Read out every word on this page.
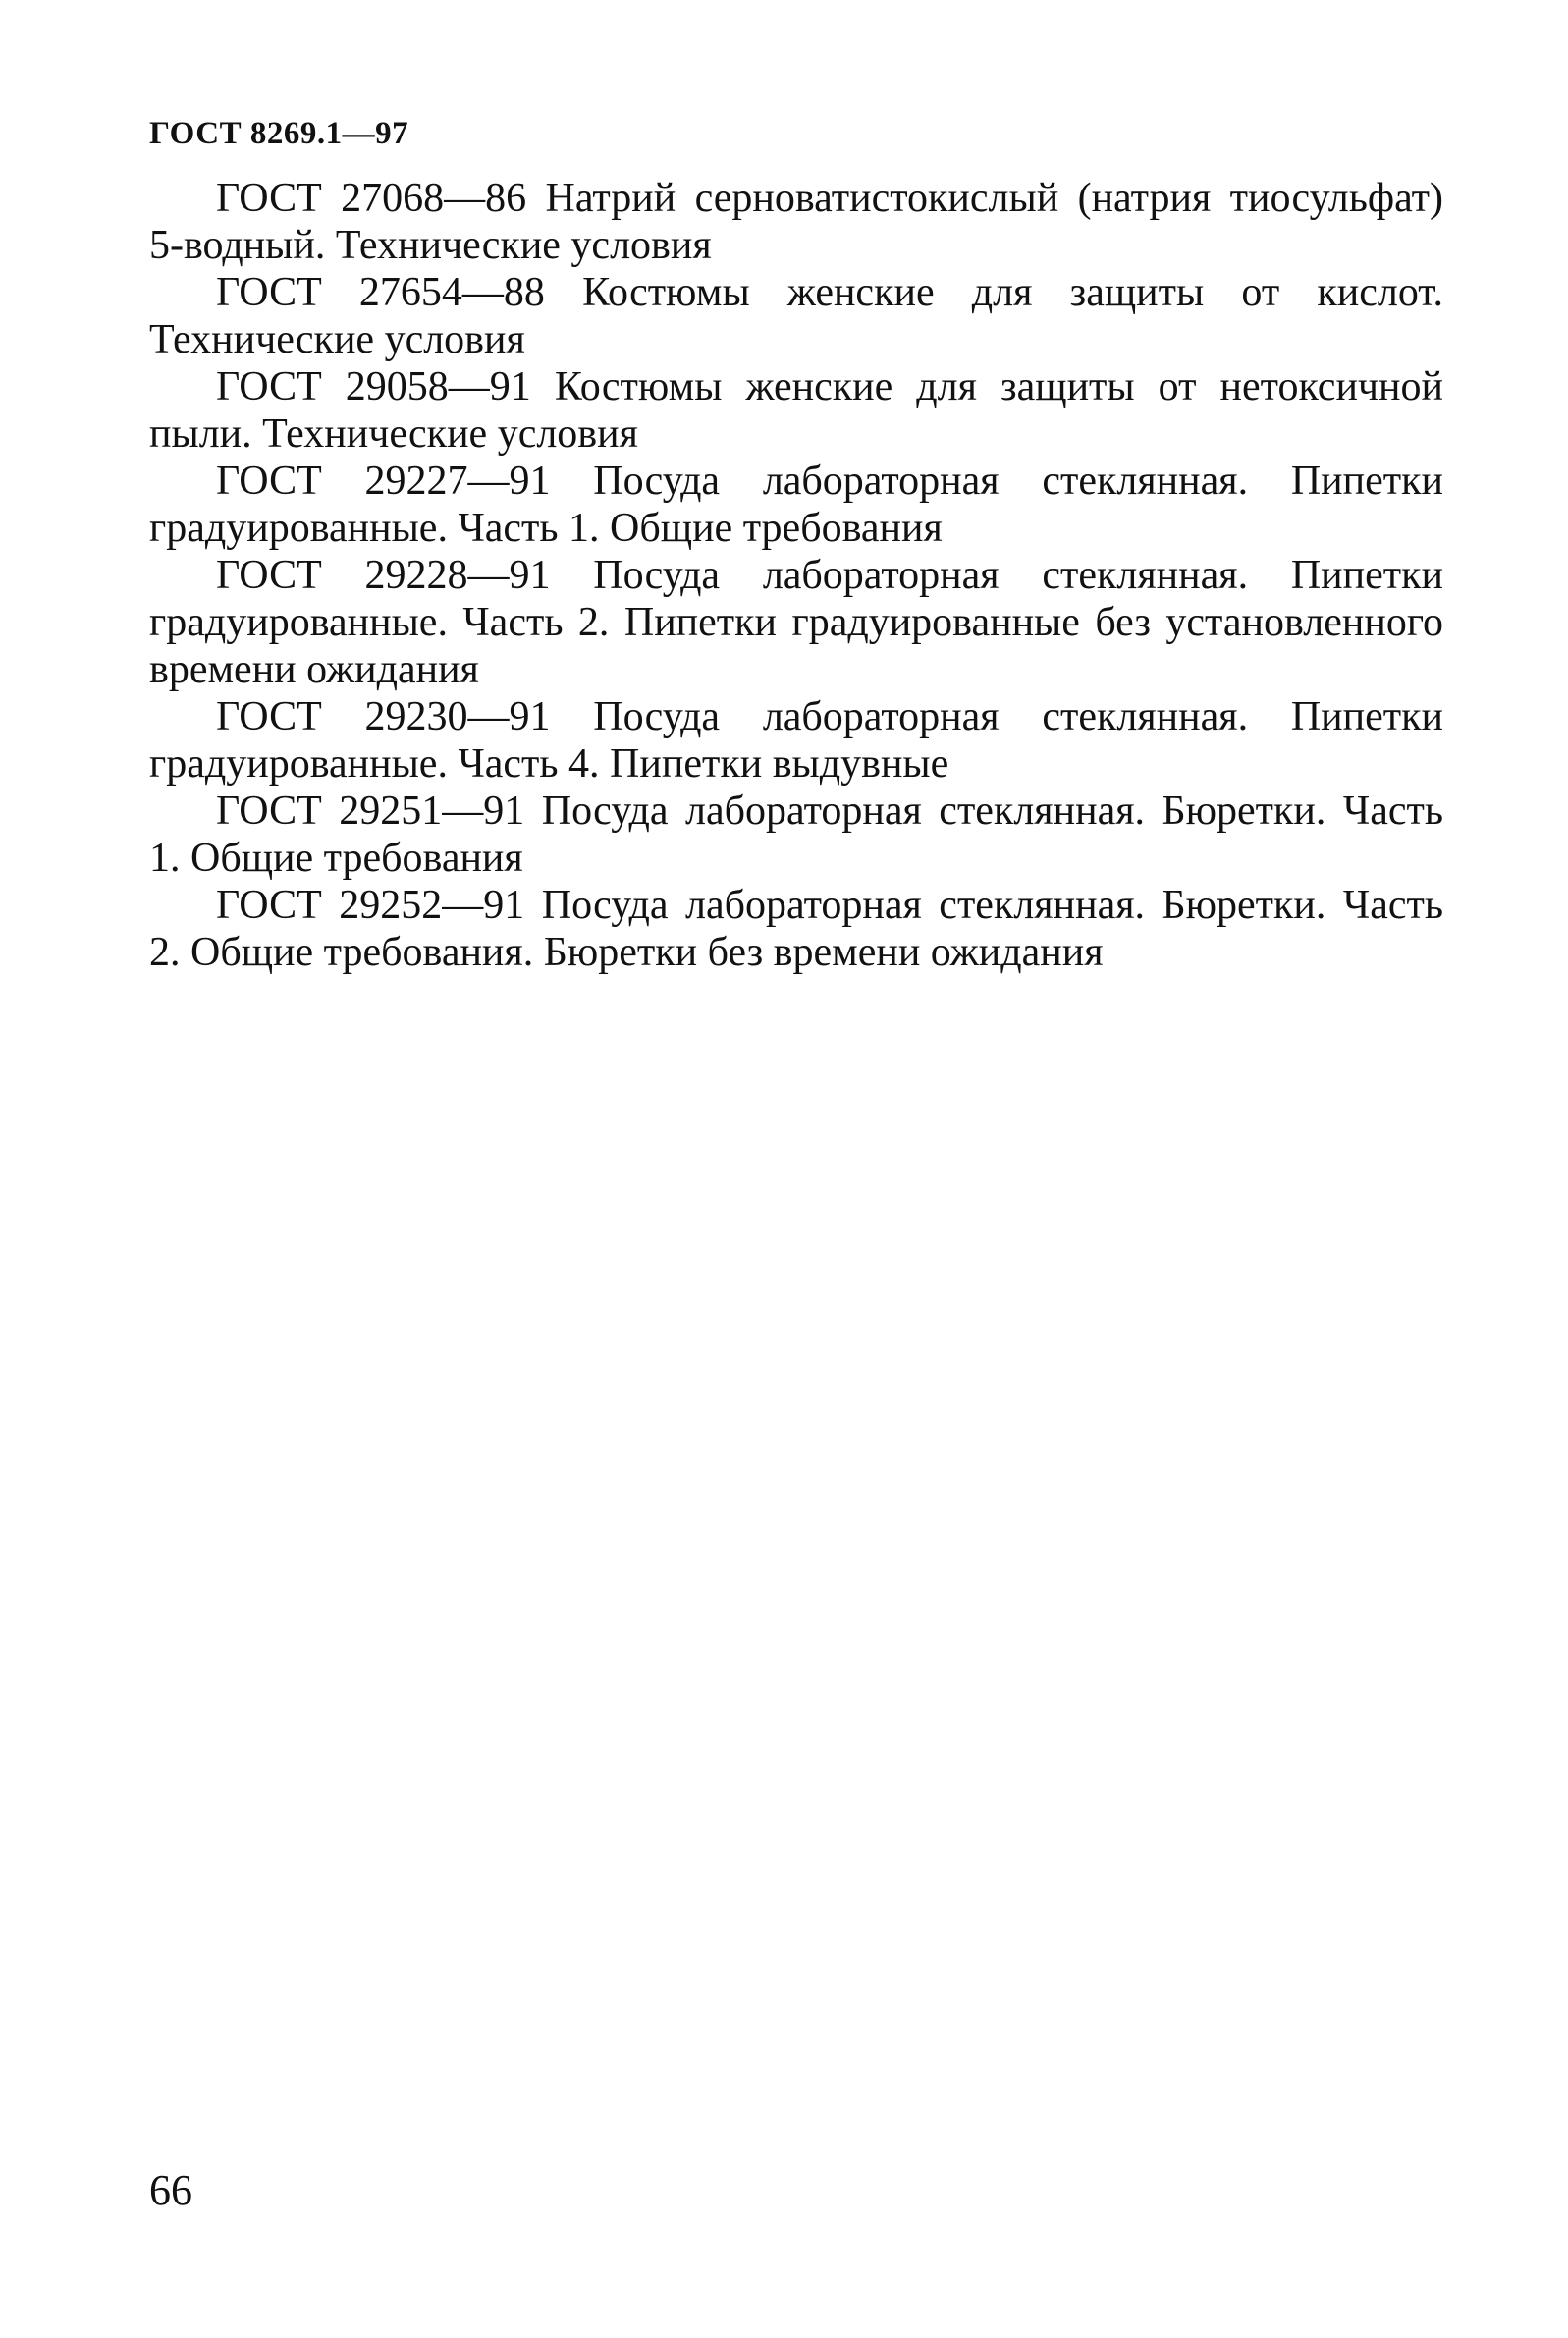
ГОСТ 8269.1—97

ГОСТ 27068—86 Натрий серноватистокислый (натрия тиосульфат) 5-водный. Технические условия
ГОСТ 27654—88 Костюмы женские для защиты от кислот. Технические условия
ГОСТ 29058—91 Костюмы женские для защиты от нетоксичной пыли. Технические условия
ГОСТ 29227—91 Посуда лабораторная стеклянная. Пипетки градуированные. Часть 1. Общие требования
ГОСТ 29228—91 Посуда лабораторная стеклянная. Пипетки градуированные. Часть 2. Пипетки градуированные без установленного времени ожидания
ГОСТ 29230—91 Посуда лабораторная стеклянная. Пипетки градуированные. Часть 4. Пипетки выдувные
ГОСТ 29251—91 Посуда лабораторная стеклянная. Бюретки. Часть 1. Общие требования
ГОСТ 29252—91 Посуда лабораторная стеклянная. Бюретки. Часть 2. Общие требования. Бюретки без времени ожидания

66
